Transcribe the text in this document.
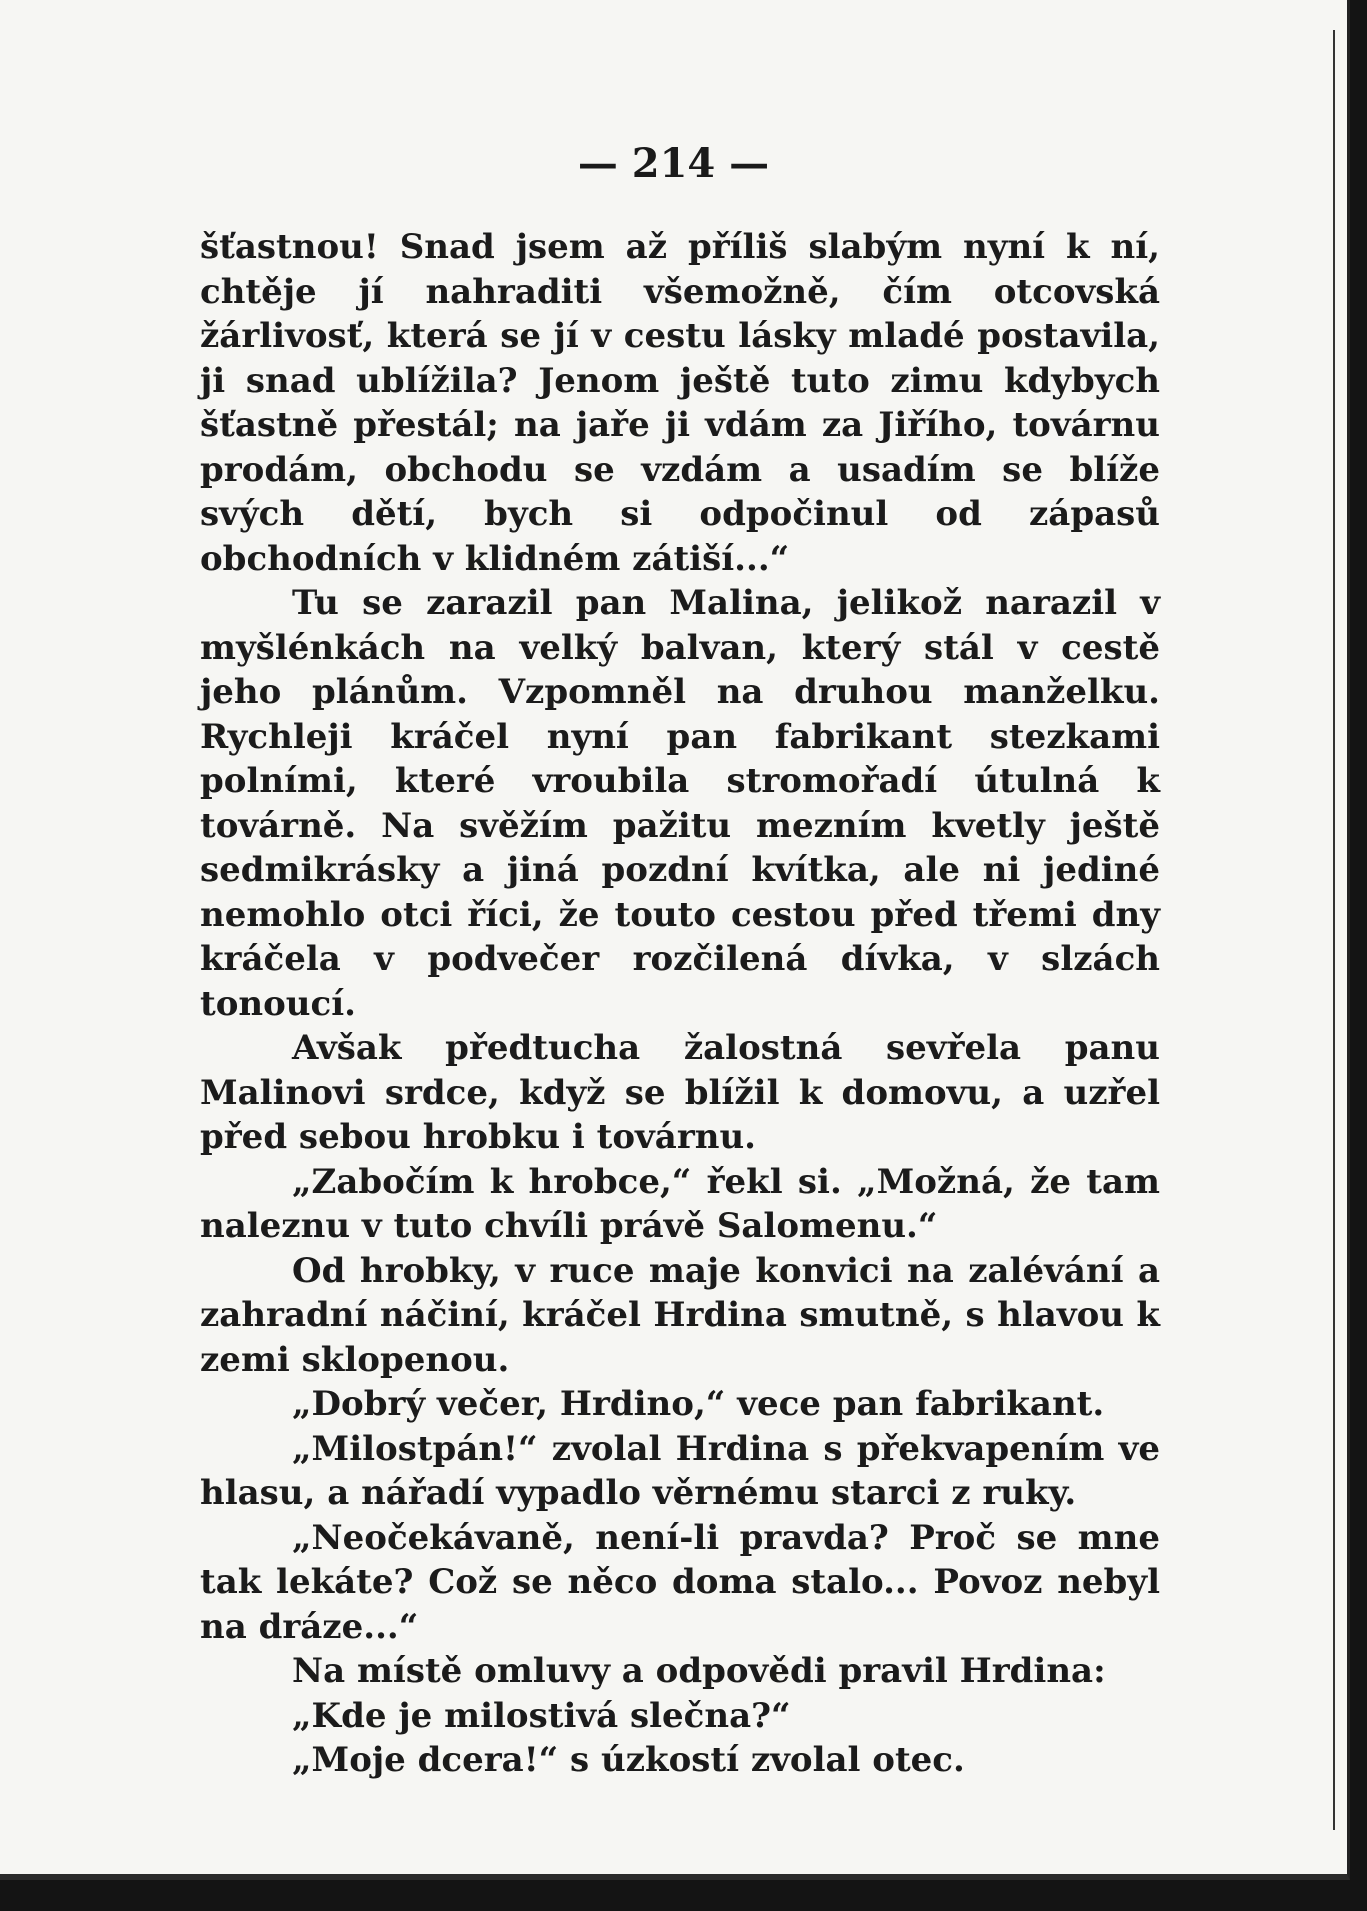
— 214 —

šťastnou! Snad jsem až příliš slabým nyní k ní, chtěje jí nahraditi všemožně, čím otcovská žárlivosť, která se jí v cestu lásky mladé postavila, ji snad ublížila? Jenom ještě tuto zimu kdybych šťastně přestál; na jaře ji vdám za Jiřího, továrnu prodám, obchodu se vzdám a usadím se blíže svých dětí, bych si odpočinul od zápasů obchodních v klidném zátiší...“

Tu se zarazil pan Malina, jelikož narazil v myšlénkách na velký balvan, který stál v cestě jeho plánům. Vzpomněl na druhou manželku. Rychleji kráčel nyní pan fabrikant stezkami polními, které vroubila stromořadí útulná k továrně. Na svěžím pažitu mezním kvetly ještě sedmikrásky a jiná pozdní kvítka, ale ni jediné nemohlo otci říci, že touto cestou před třemi dny kráčela v podvečer rozčilená dívka, v slzách tonoucí.

Avšak předtucha žalostná sevřela panu Malinovi srdce, když se blížil k domovu, a uzřel před sebou hrobku i továrnu.

„Zabočím k hrobce,“ řekl si. „Možná, že tam naleznu v tuto chvíli právě Salomenu.“

Od hrobky, v ruce maje konvici na zalévání a zahradní náčiní, kráčel Hrdina smutně, s hlavou k zemi sklopenou.

„Dobrý večer, Hrdino,“ vece pan fabrikant.

„Milostpán!“ zvolal Hrdina s překvapením ve hlasu, a nářadí vypadlo věrnému starci z ruky.

„Neočekávaně, není-li pravda? Proč se mne tak lekáte? Což se něco doma stalo... Povoz nebyl na dráze...“

Na místě omluvy a odpovědi pravil Hrdina:

„Kde je milostivá slečna?“

„Moje dcera!“ s úzkostí zvolal otec.
